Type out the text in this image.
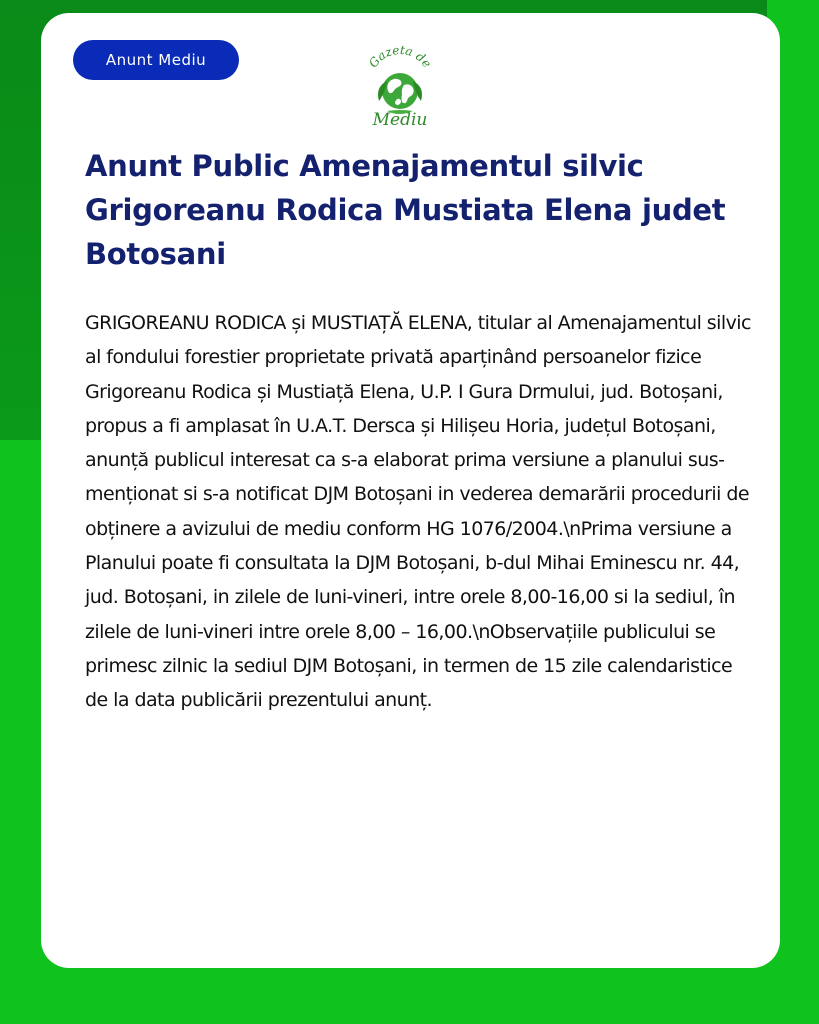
Anunt Mediu	Gazeta de
Mediu
Anunt Public Amenajamentul silvic Grigoreanu Rodica Mustiata Elena judet Botosani

GRIGOREANU RODICA și MUSTIAȚĂ ELENA, titular al Amenajamentul silvic al fondului forestier proprietate privată aparținând persoanelor fizice Grigoreanu Rodica și Mustiață Elena, U.P. I Gura Drmului, jud. Botoșani, propus a fi amplasat în U.A.T. Dersca și Hilișeu Horia, județul Botoșani, anunță publicul interesat ca s-a elaborat prima versiune a planului sus-menționat si s-a notificat DJM Botoșani in vederea demarării procedurii de obținere a avizului de mediu conform HG 1076/2004.\nPrima versiune a Planului poate fi consultata la DJM Botoșani, b-dul Mihai Eminescu nr. 44, jud. Botoșani, in zilele de luni-vineri, intre orele 8,00-16,00 si la sediul, în zilele de luni-vineri intre orele 8,00 – 16,00.\nObservațiile publicului se primesc zilnic la sediul DJM Botoșani, in termen de 15 zile calendaristice de la data publicării prezentului anunț.
